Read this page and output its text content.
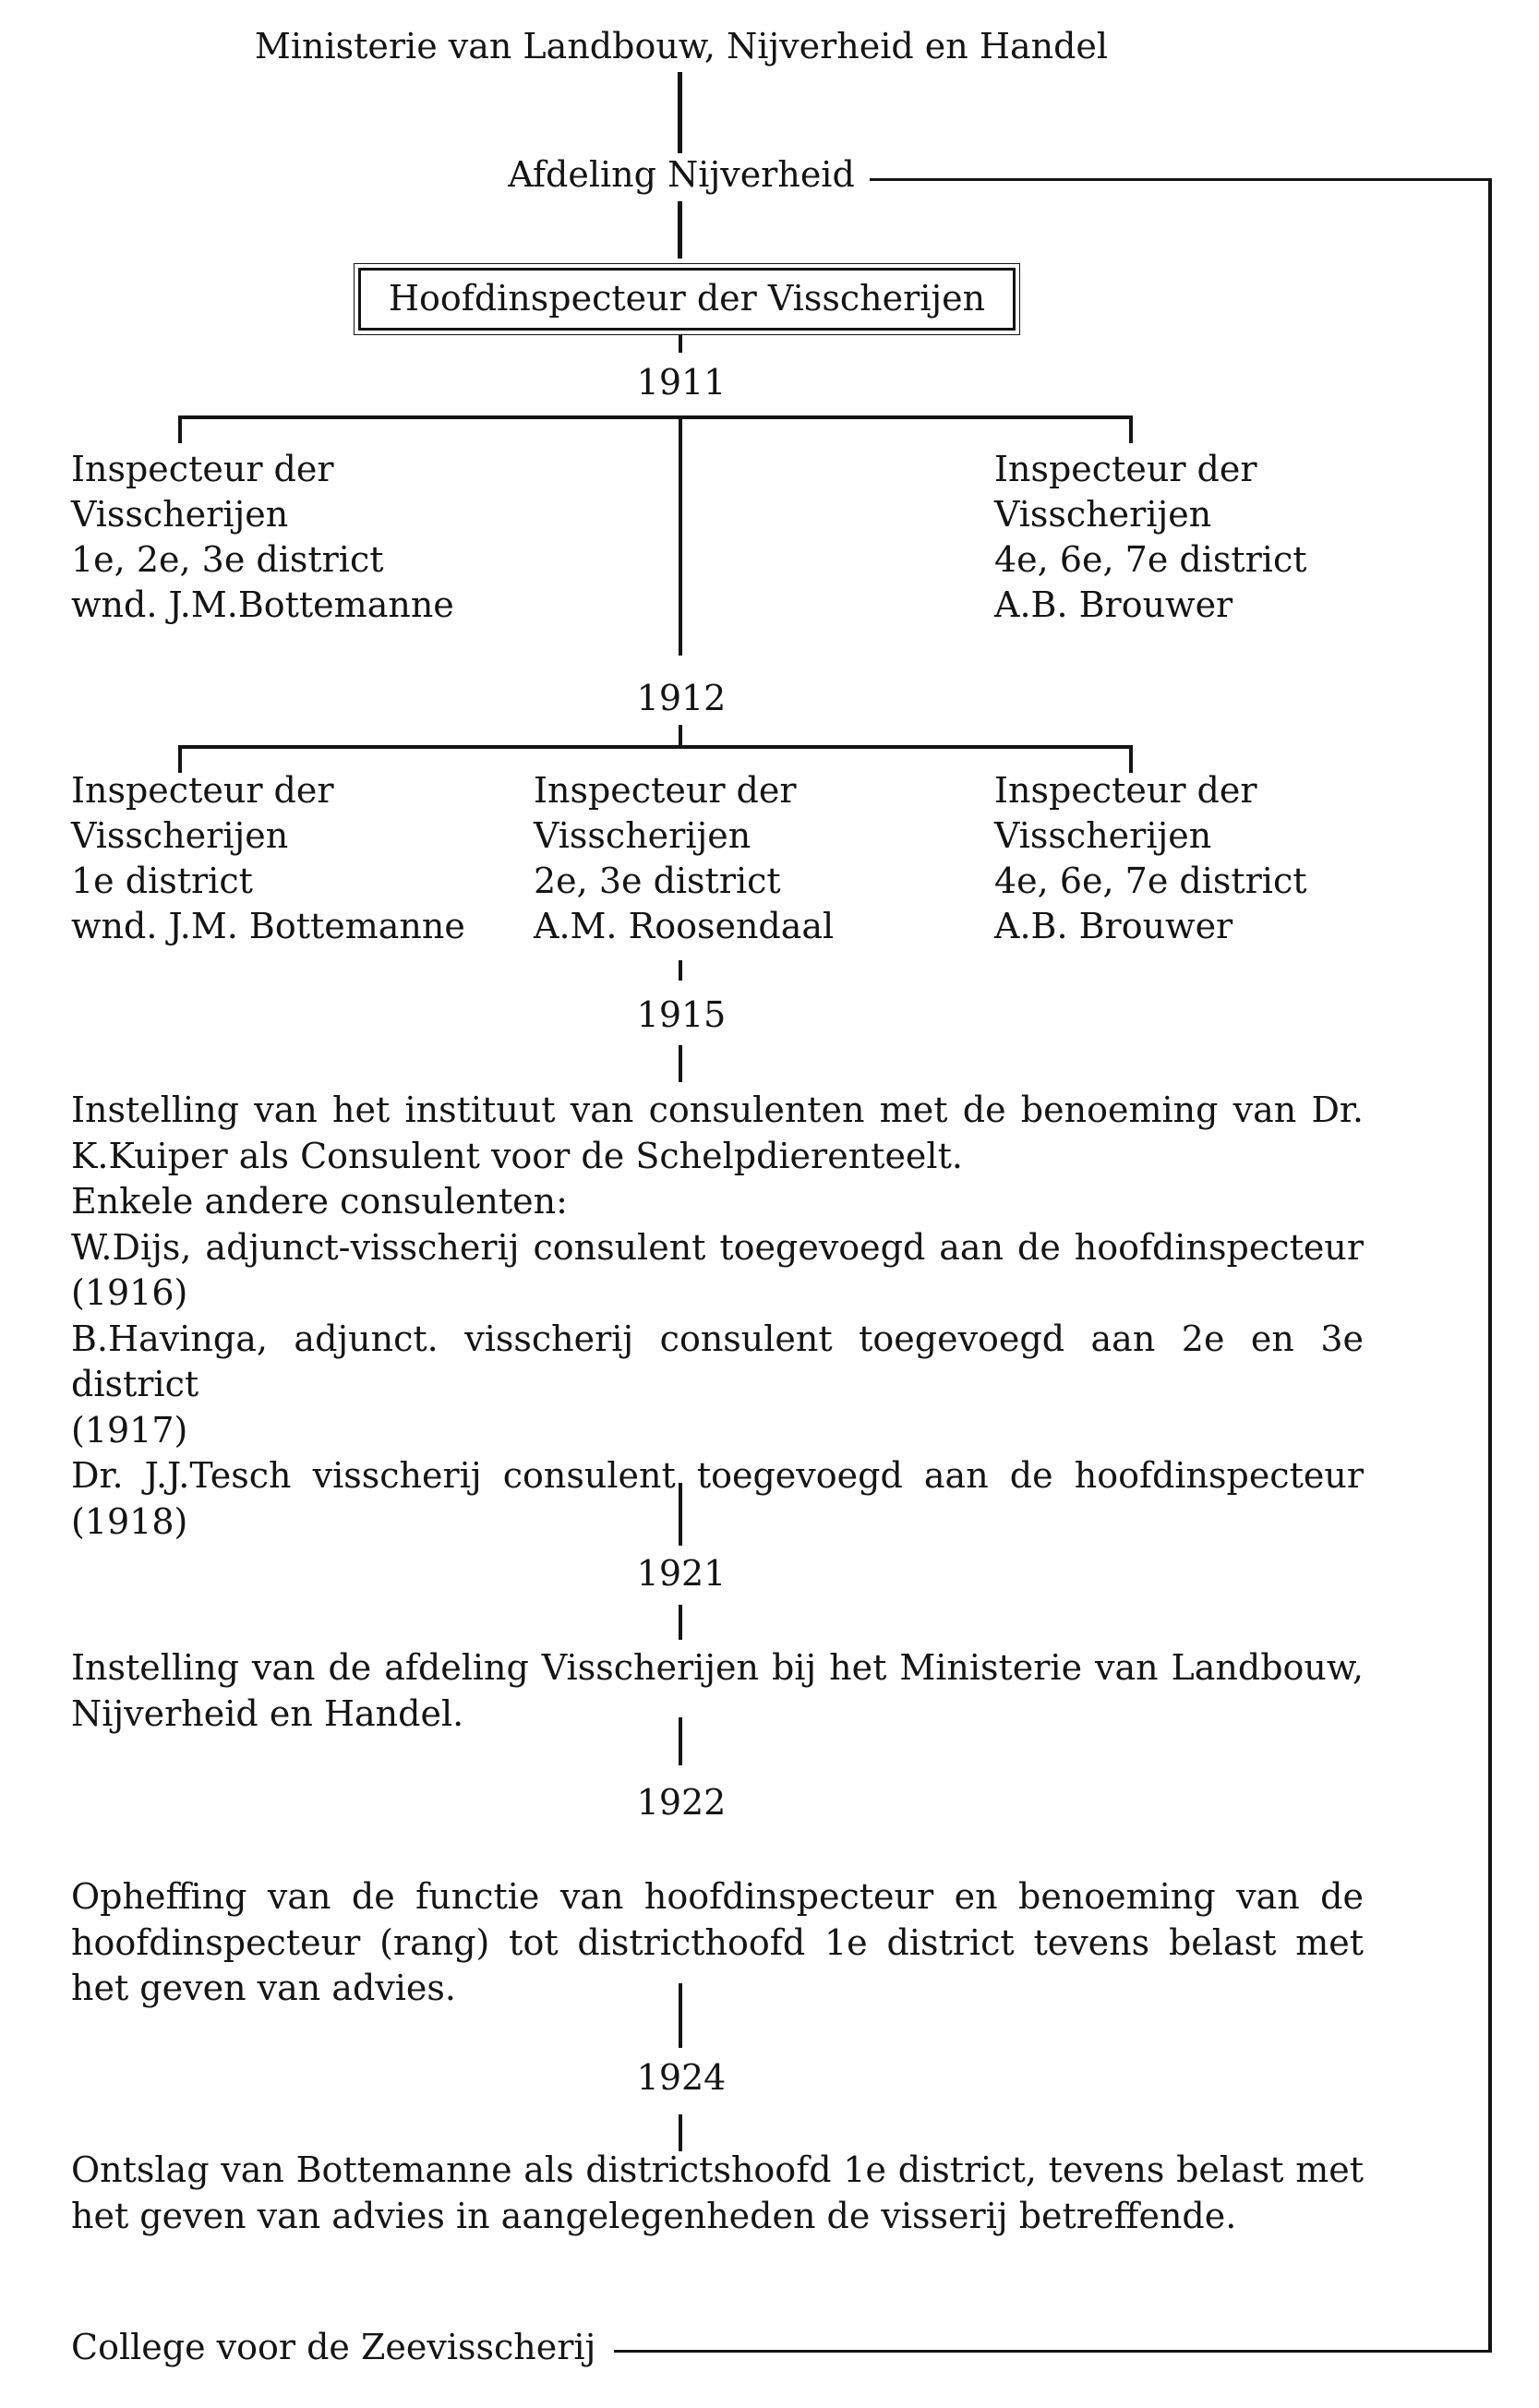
Ministerie van Landbouw, Nijverheid en Handel
Afdeling Nijverheid
Hoofdinspecteur der Visscherijen
1911
Inspecteur der
Visscherijen
1e, 2e, 3e district
wnd. J.M.Bottemanne
Inspecteur der
Visscherijen
4e, 6e, 7e district
A.B. Brouwer
1912
Inspecteur der
Visscherijen
1e district
wnd. J.M. Bottemanne
Inspecteur der
Visscherijen
2e, 3e district
A.M. Roosendaal
Inspecteur der
Visscherijen
4e, 6e, 7e district
A.B. Brouwer
1915

Instelling van het instituut van consulenten met de benoeming van Dr.

K.Kuiper als Consulent voor de Schelpdierenteelt.

Enkele andere consulenten:

W.Dijs, adjunct-visscherij consulent toegevoegd aan de hoofdinspecteur

(1916)

B.Havinga, adjunct. visscherij consulent toegevoegd aan 2e en 3e district

(1917)

Dr. J.J.Tesch visscherij consulent toegevoegd aan de hoofdinspecteur

(1918)

1921

Instelling van de afdeling Visscherijen bij het Ministerie van Landbouw,

Nijverheid en Handel.

1922

Opheffing van de functie van hoofdinspecteur en benoeming van de

hoofdinspecteur (rang) tot districthoofd 1e district tevens belast met

het geven van advies.

1924

Ontslag van Bottemanne als districtshoofd 1e district, tevens belast met

het geven van advies in aangelegenheden de visserij betreffende.

College voor de Zeevisscherij
